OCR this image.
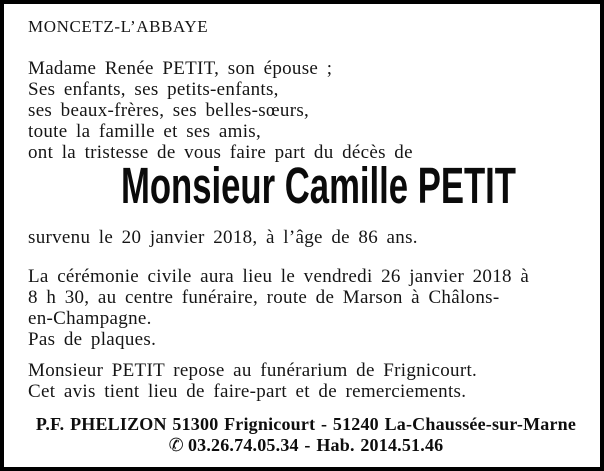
MONCETZ-L’ABBAYE
Madame Renée PETIT, son épouse ;
Ses enfants, ses petits-enfants,
ses beaux-frères, ses belles-sœurs,
toute la famille et ses amis,
ont la tristesse de vous faire part du décès de
Monsieur Camille PETIT
survenu le 20 janvier 2018, à l’âge de 86 ans.
La cérémonie civile aura lieu le vendredi 26 janvier 2018 à
8 h 30, au centre funéraire, route de Marson à Châlons-
en-Champagne.
Pas de plaques.
Monsieur PETIT repose au funérarium de Frignicourt.
Cet avis tient lieu de faire-part et de remerciements.
P.F. PHELIZON 51300 Frignicourt - 51240 La-Chaussée-sur-Marne
✆ 03.26.74.05.34 - Hab. 2014.51.46
